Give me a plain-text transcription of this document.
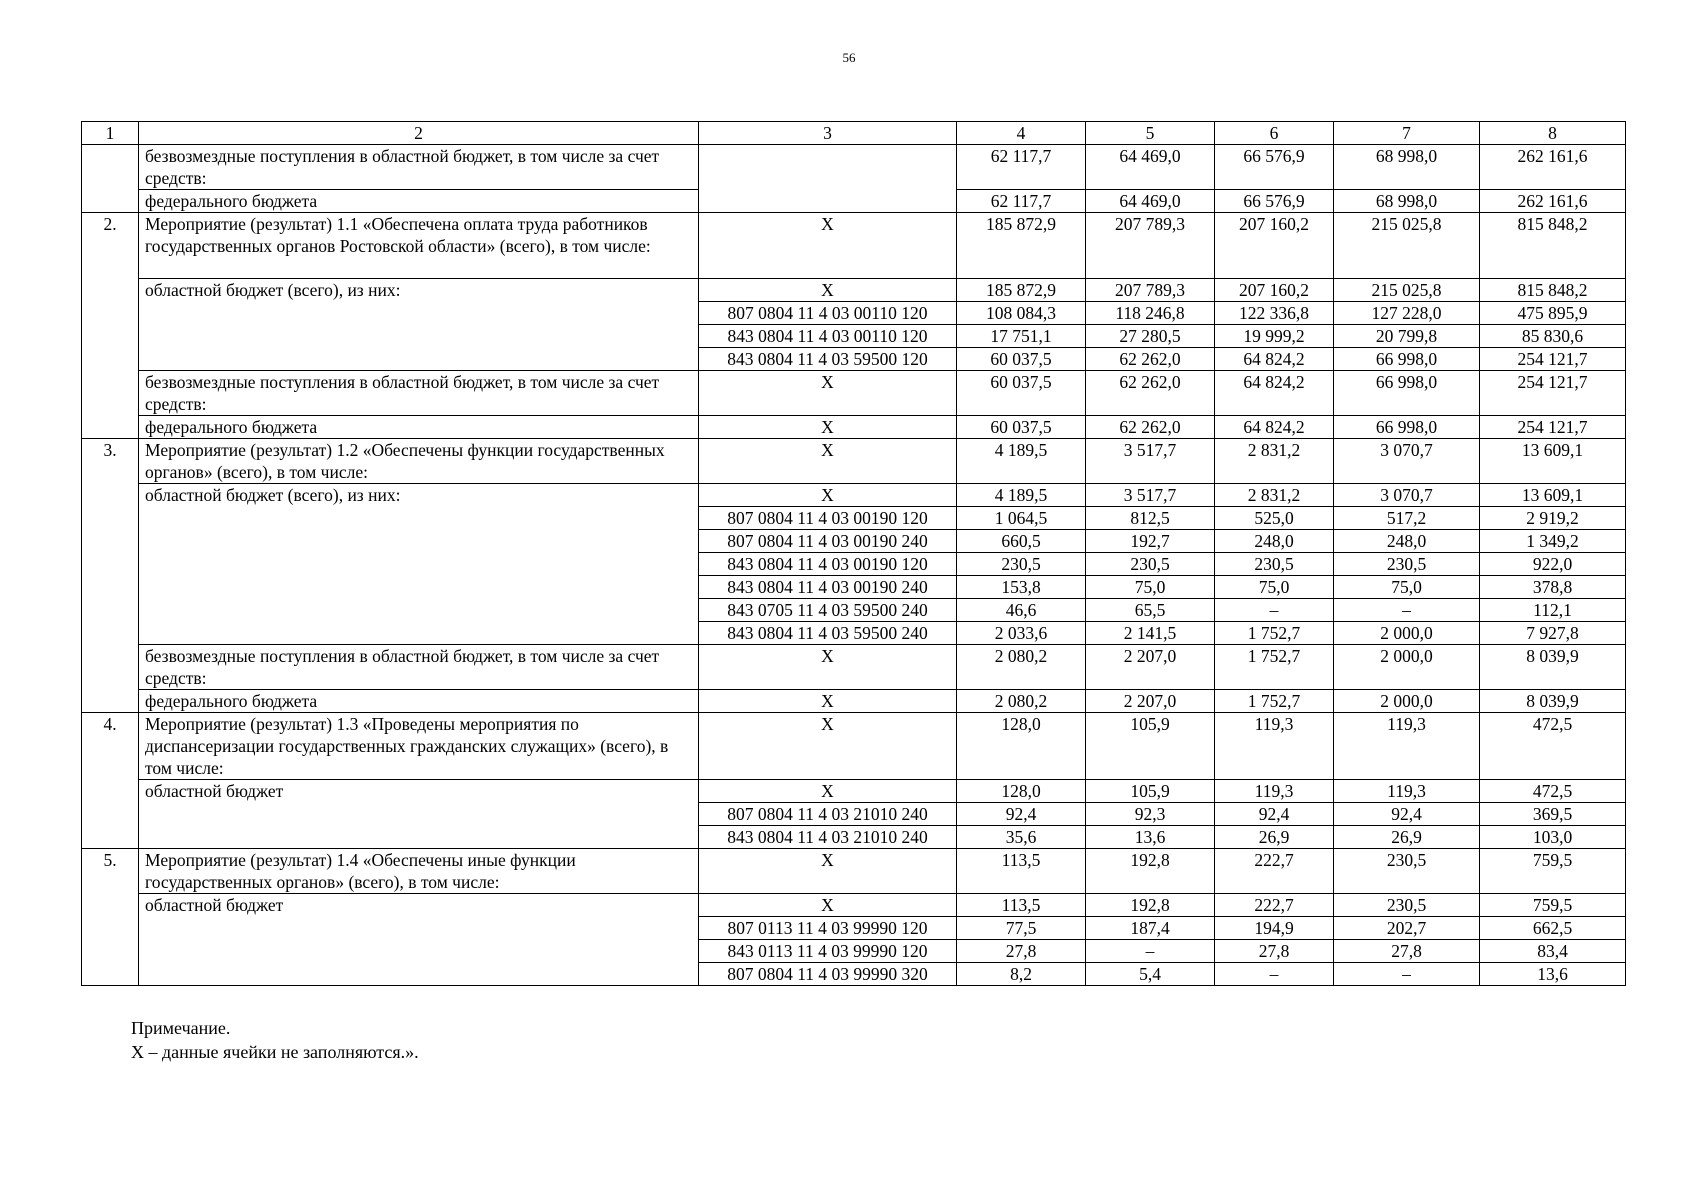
56
1	2	3	4	5	6	7	8
	безвозмездные поступления в областной бюджет, в том числе за счет средств:		62 117,7	64 469,0	66 576,9	68 998,0	262 161,6
	федерального бюджета		62 117,7	64 469,0	66 576,9	68 998,0	262 161,6
2.	Мероприятие (результат) 1.1 «Обеспечена оплата труда работников государственных органов Ростовской области» (всего), в том числе:	X	185 872,9	207 789,3	207 160,2	215 025,8	815 848,2
	областной бюджет (всего), из них:	X	185 872,9	207 789,3	207 160,2	215 025,8	815 848,2
		807 0804 11 4 03 00110 120	108 084,3	118 246,8	122 336,8	127 228,0	475 895,9
		843 0804 11 4 03 00110 120	17 751,1	27 280,5	19 999,2	20 799,8	85 830,6
		843 0804 11 4 03 59500 120	60 037,5	62 262,0	64 824,2	66 998,0	254 121,7
	безвозмездные поступления в областной бюджет, в том числе за счет средств:	X	60 037,5	62 262,0	64 824,2	66 998,0	254 121,7
	федерального бюджета	X	60 037,5	62 262,0	64 824,2	66 998,0	254 121,7
3.	Мероприятие (результат) 1.2 «Обеспечены функции государственных органов» (всего), в том числе:	X	4 189,5	3 517,7	2 831,2	3 070,7	13 609,1
	областной бюджет (всего), из них:	X	4 189,5	3 517,7	2 831,2	3 070,7	13 609,1
		807 0804 11 4 03 00190 120	1 064,5	812,5	525,0	517,2	2 919,2
		807 0804 11 4 03 00190 240	660,5	192,7	248,0	248,0	1 349,2
		843 0804 11 4 03 00190 120	230,5	230,5	230,5	230,5	922,0
		843 0804 11 4 03 00190 240	153,8	75,0	75,0	75,0	378,8
		843 0705 11 4 03 59500 240	46,6	65,5	–	–	112,1
		843 0804 11 4 03 59500 240	2 033,6	2 141,5	1 752,7	2 000,0	7 927,8
	безвозмездные поступления в областной бюджет, в том числе за счет средств:	X	2 080,2	2 207,0	1 752,7	2 000,0	8 039,9
	федерального бюджета	X	2 080,2	2 207,0	1 752,7	2 000,0	8 039,9
4.	Мероприятие (результат) 1.3 «Проведены мероприятия по диспансеризации государственных гражданских служащих» (всего), в том числе:	X	128,0	105,9	119,3	119,3	472,5
	областной бюджет	X	128,0	105,9	119,3	119,3	472,5
		807 0804 11 4 03 21010 240	92,4	92,3	92,4	92,4	369,5
		843 0804 11 4 03 21010 240	35,6	13,6	26,9	26,9	103,0
5.	Мероприятие (результат) 1.4 «Обеспечены иные функции государственных органов» (всего), в том числе:	X	113,5	192,8	222,7	230,5	759,5
	областной бюджет	X	113,5	192,8	222,7	230,5	759,5
		807 0113 11 4 03 99990 120	77,5	187,4	194,9	202,7	662,5
		843 0113 11 4 03 99990 120	27,8	–	27,8	27,8	83,4
		807 0804 11 4 03 99990 320	8,2	5,4	–	–	13,6
Примечание.
X – данные ячейки не заполняются.».
